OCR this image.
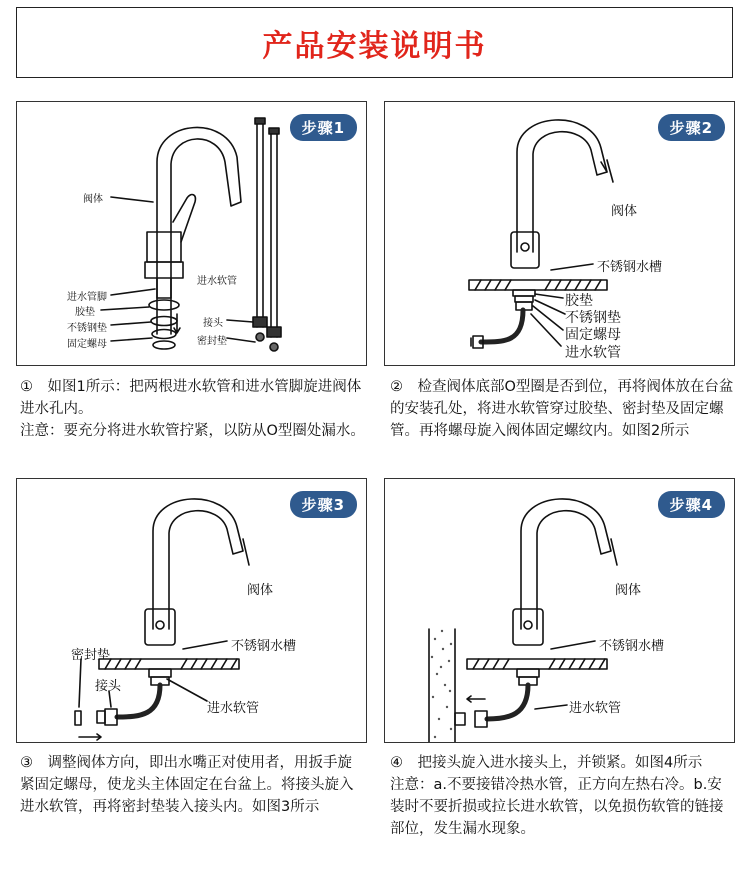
产品安装说明书
步骤1
阀体
进水软管
进水管脚
胶垫
不锈钢垫
固定螺母
接头
密封垫

①　如图1所示：把两根进水软管和进水管脚旋进阀体进水孔内。

注意：要充分将进水软管拧紧，以防从O型圈处漏水。

步骤2
阀体
不锈钢水槽
胶垫
不锈钢垫
固定螺母
进水软管

②　检查阀体底部O型圈是否到位，再将阀体放在台盆的安装孔处，将进水软管穿过胶垫、密封垫及固定螺管。再将螺母旋入阀体固定螺纹内。如图2所示

步骤3
阀体
不锈钢水槽
密封垫
接头
进水软管

③　调整阀体方向，即出水嘴正对使用者，用扳手旋紧固定螺母，使龙头主体固定在台盆上。将接头旋入进水软管，再将密封垫装入接头内。如图3所示

步骤4
阀体
不锈钢水槽
进水软管

④　把接头旋入进水接头上，并锁紧。如图4所示

注意：a.不要接错冷热水管，正方向左热右冷。b.安装时不要折损或拉长进水软管，以免损伤软管的链接部位，发生漏水现象。
